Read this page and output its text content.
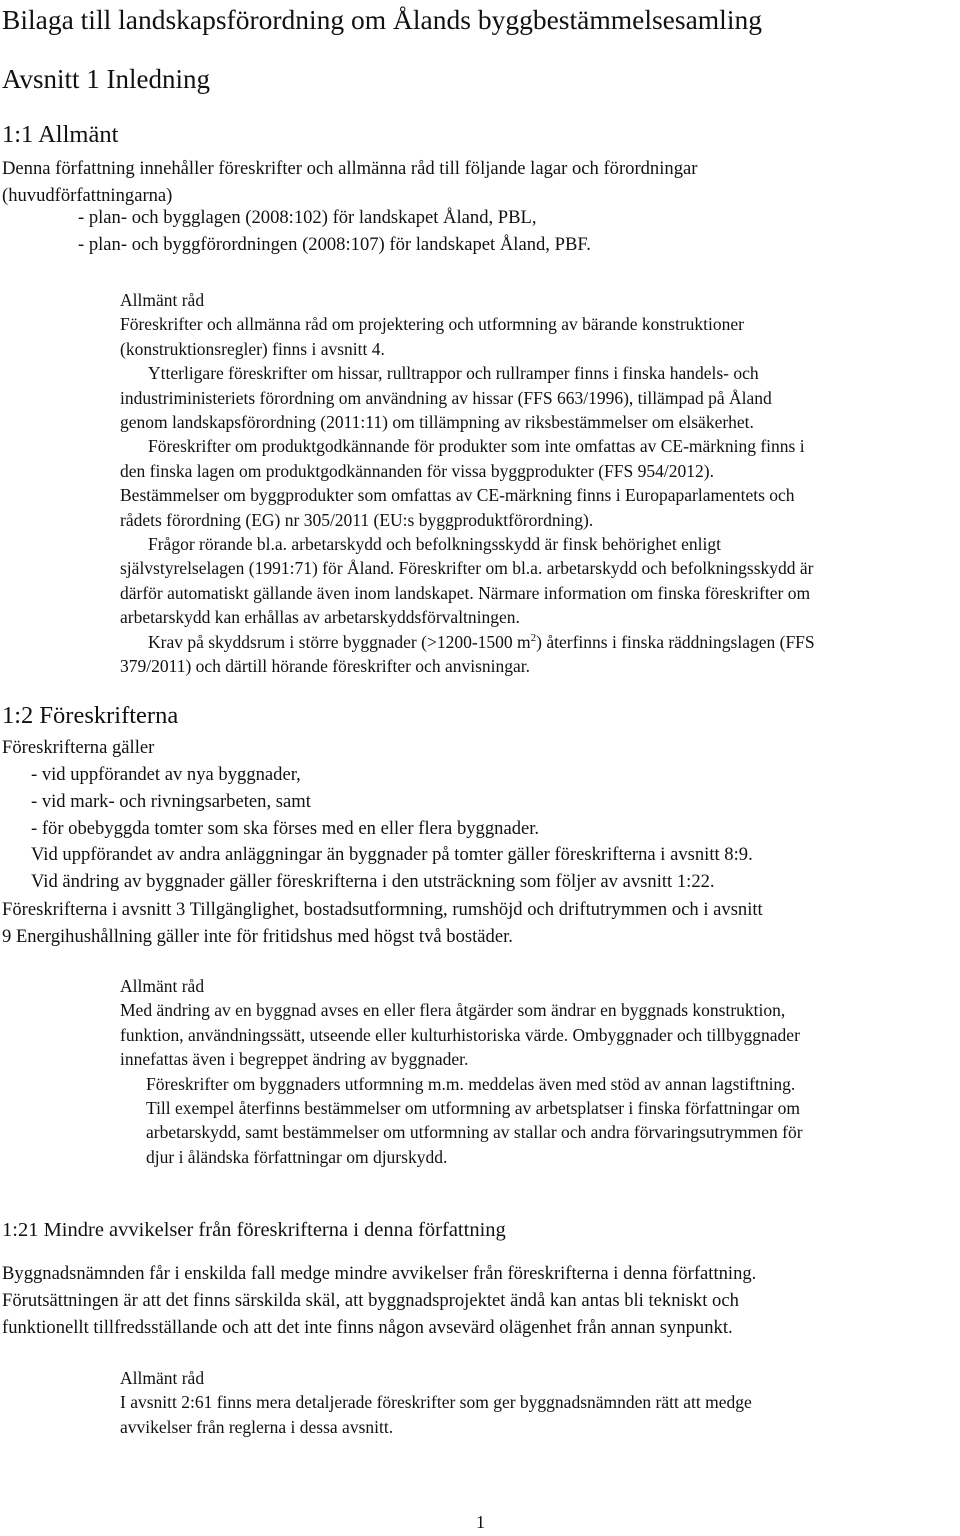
Bilaga till landskapsförordning om Ålands byggbestämmelsesamling
Avsnitt 1 Inledning
1:1 Allmänt
Denna författning innehåller föreskrifter och allmänna råd till följande lagar och förordningar
(huvudförfattningarna)
- plan- och bygglagen (2008:102) för landskapet Åland, PBL,
- plan- och byggförordningen (2008:107) för landskapet Åland, PBF.
Allmänt råd
Föreskrifter och allmänna råd om projektering och utformning av bärande konstruktioner
(konstruktionsregler) finns i avsnitt 4.
Ytterligare föreskrifter om hissar, rulltrappor och rullramper finns i finska handels- och
industriministeriets förordning om användning av hissar (FFS 663/1996), tillämpad på Åland
genom landskapsförordning (2011:11) om tillämpning av riksbestämmelser om elsäkerhet.
Föreskrifter om produktgodkännande för produkter som inte omfattas av CE-märkning finns i
den finska lagen om produktgodkännanden för vissa byggprodukter (FFS 954/2012).
Bestämmelser om byggprodukter som omfattas av CE-märkning finns i Europaparlamentets och
rådets förordning (EG) nr 305/2011 (EU:s byggproduktförordning).
Frågor rörande bl.a. arbetarskydd och befolkningsskydd är finsk behörighet enligt
självstyrelselagen (1991:71) för Åland. Föreskrifter om bl.a. arbetarskydd och befolkningsskydd är
därför automatiskt gällande även inom landskapet. Närmare information om finska föreskrifter om
arbetarskydd kan erhållas av arbetarskyddsförvaltningen.
Krav på skyddsrum i större byggnader (>1200-1500 $m^2$) återfinns i finska räddningslagen (FFS
379/2011) och därtill hörande föreskrifter och anvisningar.
1:2 Föreskrifterna
Föreskrifterna gäller
- vid uppförandet av nya byggnader,
- vid mark- och rivningsarbeten, samt
- för obebyggda tomter som ska förses med en eller flera byggnader.
Vid uppförandet av andra anläggningar än byggnader på tomter gäller föreskrifterna i avsnitt 8:9.
Vid ändring av byggnader gäller föreskrifterna i den utsträckning som följer av avsnitt 1:22.
Föreskrifterna i avsnitt 3 Tillgänglighet, bostadsutformning, rumshöjd och driftutrymmen och i avsnitt
9 Energihushållning gäller inte för fritidshus med högst två bostäder.
Allmänt råd
Med ändring av en byggnad avses en eller flera åtgärder som ändrar en byggnads konstruktion,
funktion, användningssätt, utseende eller kulturhistoriska värde. Ombyggnader och tillbyggnader
innefattas även i begreppet ändring av byggnader.
Föreskrifter om byggnaders utformning m.m. meddelas även med stöd av annan lagstiftning.
Till exempel återfinns bestämmelser om utformning av arbetsplatser i finska författningar om
arbetarskydd, samt bestämmelser om utformning av stallar och andra förvaringsutrymmen för
djur i åländska författningar om djurskydd.
1:21 Mindre avvikelser från föreskrifterna i denna författning
Byggnadsnämnden får i enskilda fall medge mindre avvikelser från föreskrifterna i denna författning.
Förutsättningen är att det finns särskilda skäl, att byggnadsprojektet ändå kan antas bli tekniskt och
funktionellt tillfredsställande och att det inte finns någon avsevärd olägenhet från annan synpunkt.
Allmänt råd
I avsnitt 2:61 finns mera detaljerade föreskrifter som ger byggnadsnämnden rätt att medge
avvikelser från reglerna i dessa avsnitt.
1
